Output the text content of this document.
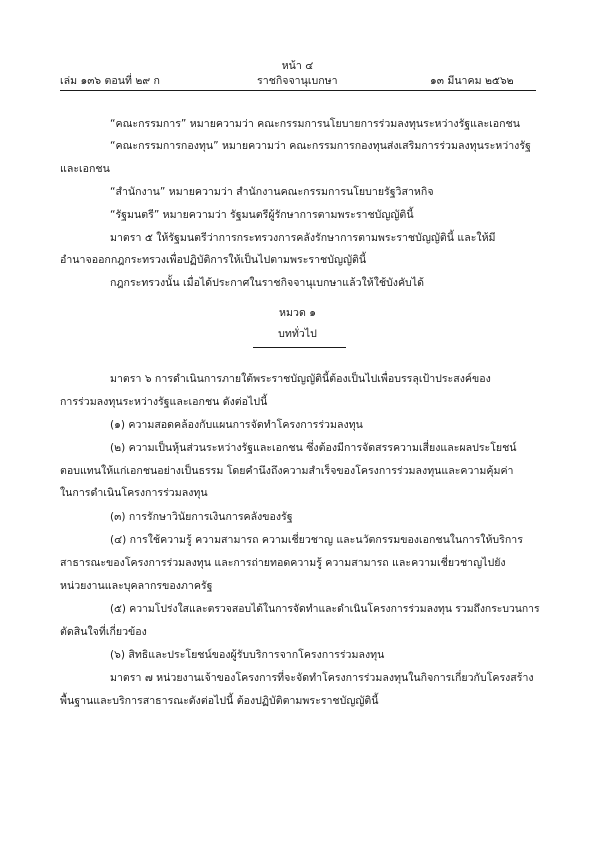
หน้า ๔
เล่ม ๑๓๖ ตอนที่ ๒๙ ก	ราชกิจจานุเบกษา	๑๓ มีนาคม ๒๕๖๒
“คณะกรรมการ” หมายความว่า คณะกรรมการนโยบายการร่วมลงทุนระหว่างรัฐและเอกชน
“คณะกรรมการกองทุน” หมายความว่า คณะกรรมการกองทุนส่งเสริมการร่วมลงทุนระหว่างรัฐ
และเอกชน
“สำนักงาน” หมายความว่า สำนักงานคณะกรรมการนโยบายรัฐวิสาหกิจ
“รัฐมนตรี” หมายความว่า รัฐมนตรีผู้รักษาการตามพระราชบัญญัตินี้
มาตรา ๕ ให้รัฐมนตรีว่าการกระทรวงการคลังรักษาการตามพระราชบัญญัตินี้ และให้มี
อำนาจออกกฎกระทรวงเพื่อปฏิบัติการให้เป็นไปตามพระราชบัญญัตินี้
กฎกระทรวงนั้น เมื่อได้ประกาศในราชกิจจานุเบกษาแล้วให้ใช้บังคับได้
หมวด ๑
บททั่วไป
มาตรา ๖ การดำเนินการภายใต้พระราชบัญญัตินี้ต้องเป็นไปเพื่อบรรลุเป้าประสงค์ของ
การร่วมลงทุนระหว่างรัฐและเอกชน ดังต่อไปนี้
(๑) ความสอดคล้องกับแผนการจัดทำโครงการร่วมลงทุน
(๒) ความเป็นหุ้นส่วนระหว่างรัฐและเอกชน ซึ่งต้องมีการจัดสรรความเสี่ยงและผลประโยชน์
ตอบแทนให้แก่เอกชนอย่างเป็นธรรม โดยคำนึงถึงความสำเร็จของโครงการร่วมลงทุนและความคุ้มค่า
ในการดำเนินโครงการร่วมลงทุน
(๓) การรักษาวินัยการเงินการคลังของรัฐ
(๔) การใช้ความรู้ ความสามารถ ความเชี่ยวชาญ และนวัตกรรมของเอกชนในการให้บริการ
สาธารณะของโครงการร่วมลงทุน และการถ่ายทอดความรู้ ความสามารถ และความเชี่ยวชาญไปยัง
หน่วยงานและบุคลากรของภาครัฐ
(๕) ความโปร่งใสและตรวจสอบได้ในการจัดทำและดำเนินโครงการร่วมลงทุน รวมถึงกระบวนการ
ตัดสินใจที่เกี่ยวข้อง
(๖) สิทธิและประโยชน์ของผู้รับบริการจากโครงการร่วมลงทุน
มาตรา ๗ หน่วยงานเจ้าของโครงการที่จะจัดทำโครงการร่วมลงทุนในกิจการเกี่ยวกับโครงสร้าง
พื้นฐานและบริการสาธารณะดังต่อไปนี้ ต้องปฏิบัติตามพระราชบัญญัตินี้
